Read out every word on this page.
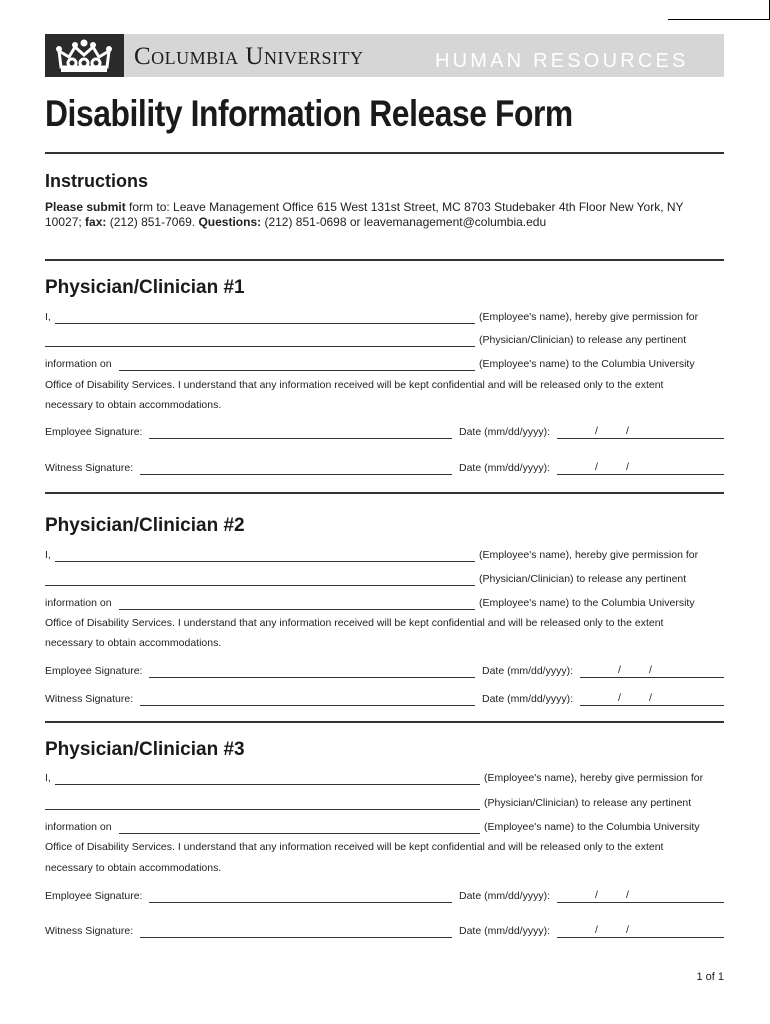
Columbia University	HUMAN RESOURCES
Disability Information Release Form
Instructions
Please submit form to: Leave Management Office 615 West 131st Street, MC 8703 Studebaker 4th Floor New York, NY 10027; fax: (212) 851-7069. Questions: (212) 851-0698 or leavemanagement@columbia.edu
Physician/Clinician #1
I,	(Employee's name), hereby give permission for
(Physician/Clinician) to release any pertinent
information on	(Employee's name) to the Columbia University
Office of Disability Services. I understand that any information received will be kept confidential and will be released only to the extent
necessary to obtain accommodations.
Employee Signature:	Date (mm/dd/yyyy):	/	/
Witness Signature:	Date (mm/dd/yyyy):	/	/
Physician/Clinician #2
I,	(Employee's name), hereby give permission for
(Physician/Clinician) to release any pertinent
information on	(Employee's name) to the Columbia University
Office of Disability Services. I understand that any information received will be kept confidential and will be released only to the extent
necessary to obtain accommodations.
Employee Signature:	Date (mm/dd/yyyy):	/	/
Witness Signature:	Date (mm/dd/yyyy):	/	/
Physician/Clinician #3
I,	(Employee's name), hereby give permission for
(Physician/Clinician) to release any pertinent
information on	(Employee's name) to the Columbia University
Office of Disability Services. I understand that any information received will be kept confidential and will be released only to the extent
necessary to obtain accommodations.
Employee Signature:	Date (mm/dd/yyyy):	/	/
Witness Signature:	Date (mm/dd/yyyy):	/	/
1 of 1
